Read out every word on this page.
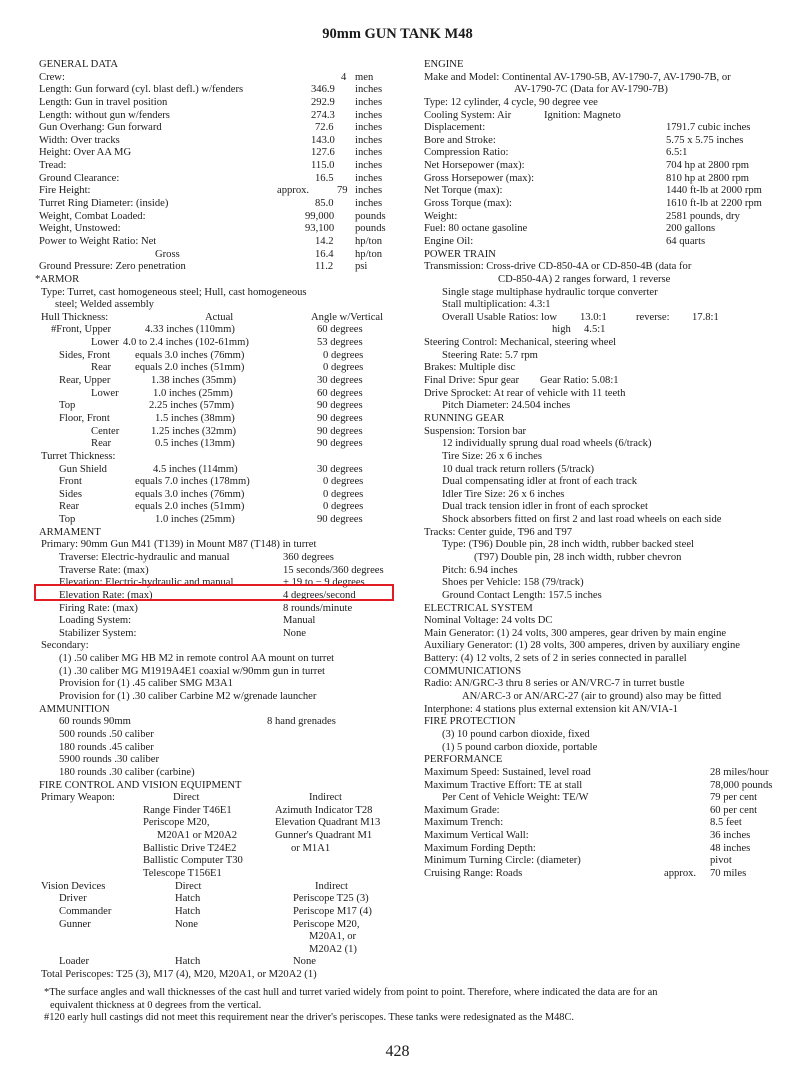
90mm GUN TANK M48
GENERAL DATA
Crew:	4 men
Length: Gun forward (cyl. blast defl.) w/fenders	346.9 inches
Length: Gun in travel position	292.9 inches
Length: without gun w/fenders	274.3 inches
Gun Overhang: Gun forward	72.6 inches
Width: Over tracks	143.0 inches
Height: Over AA MG	127.6 inches
Tread:	115.0 inches
Ground Clearance:	16.5 inches
Fire Height:	approx.	79 inches
Turret Ring Diameter: (inside)	85.0 inches
Weight, Combat Loaded:	99,000 pounds
Weight, Unstowed:	93,100 pounds
Power to Weight Ratio: Net	14.2 hp/ton
Gross	16.4 hp/ton
Ground Pressure: Zero penetration	11.2 psi
*ARMOR
Type: Turret, cast homogeneous steel; Hull, cast homogeneous
steel; Welded assembly
Hull Thickness:	Actual	Angle w/Vertical
#Front, Upper	4.33 inches (110mm)	60 degrees
Lower 4.0 to 2.4 inches (102-61mm)	53 degrees
Sides, Front equals 3.0 inches (76mm)	0 degrees
Rear equals 2.0 inches (51mm)	0 degrees
Rear, Upper	1.38 inches (35mm)	30 degrees
Lower	1.0 inches (25mm)	60 degrees
Top	2.25 inches (57mm)	90 degrees
Floor, Front	1.5 inches (38mm)	90 degrees
Center	1.25 inches (32mm)	90 degrees
Rear	0.5 inches (13mm)	90 degrees
Turret Thickness:
Gun Shield	4.5 inches (114mm)	30 degrees
Front	equals 7.0 inches (178mm)	0 degrees
Sides	equals 3.0 inches (76mm)	0 degrees
Rear	equals 2.0 inches (51mm)	0 degrees
Top	1.0 inches (25mm)	90 degrees
ARMAMENT
Primary: 90mm Gun M41 (T139) in Mount M87 (T148) in turret
Traverse: Electric-hydraulic and manual	360 degrees
Traverse Rate: (max)	15 seconds/360 degrees
Elevation: Electric-hydraulic and manual	+ 19 to − 9 degrees
Elevation Rate: (max)	4 degrees/second
Firing Rate: (max)	8 rounds/minute
Loading System:	Manual
Stabilizer System:	None
Secondary:
(1) .50 caliber MG HB M2 in remote control AA mount on turret
(1) .30 caliber MG M1919A4E1 coaxial w/90mm gun in turret
Provision for (1) .45 caliber SMG M3A1
Provision for (1) .30 caliber Carbine M2 w/grenade launcher
AMMUNITION
60 rounds 90mm	8 hand grenades
500 rounds .50 caliber
180 rounds .45 caliber
5900 rounds .30 caliber
180 rounds .30 caliber (carbine)
FIRE CONTROL AND VISION EQUIPMENT
Primary Weapon:	Direct	Indirect
Range Finder T46E1	Azimuth Indicator T28
Periscope M20,	Elevation Quadrant M13
M20A1 or M20A2	Gunner's Quadrant M1
Ballistic Drive T24E2	or M1A1
Ballistic Computer T30
Telescope T156E1
Vision Devices	Direct	Indirect
Driver	Hatch	Periscope T25 (3)
Commander	Hatch	Periscope M17 (4)
Gunner	None	Periscope M20,
M20A1, or
M20A2 (1)
Loader	Hatch	None
Total Periscopes: T25 (3), M17 (4), M20, M20A1, or M20A2 (1)
ENGINE
Make and Model: Continental AV-1790-5B, AV-1790-7, AV-1790-7B, or
AV-1790-7C (Data for AV-1790-7B)
Type: 12 cylinder, 4 cycle, 90 degree vee
Cooling System: Air	Ignition: Magneto
Displacement:	1791.7 cubic inches
Bore and Stroke:	5.75 x 5.75 inches
Compression Ratio:	6.5:1
Net Horsepower (max):	704 hp at 2800 rpm
Gross Horsepower (max):	810 hp at 2800 rpm
Net Torque (max):	1440 ft-lb at 2000 rpm
Gross Torque (max):	1610 ft-lb at 2200 rpm
Weight:	2581 pounds, dry
Fuel: 80 octane gasoline	200 gallons
Engine Oil:	64 quarts
POWER TRAIN
Transmission: Cross-drive CD-850-4A or CD-850-4B (data for
CD-850-4A) 2 ranges forward, 1 reverse
Single stage multiphase hydraulic torque converter
Stall multiplication: 4.3:1
Overall Usable Ratios: low 13.0:1	reverse: 17.8:1
high 4.5:1
Steering Control: Mechanical, steering wheel
Steering Rate: 5.7 rpm
Brakes: Multiple disc
Final Drive: Spur gear Gear Ratio: 5.08:1
Drive Sprocket: At rear of vehicle with 11 teeth
Pitch Diameter: 24.504 inches
RUNNING GEAR
Suspension: Torsion bar
12 individually sprung dual road wheels (6/track)
Tire Size: 26 x 6 inches
10 dual track return rollers (5/track)
Dual compensating idler at front of each track
Idler Tire Size: 26 x 6 inches
Dual track tension idler in front of each sprocket
Shock absorbers fitted on first 2 and last road wheels on each side
Tracks: Center guide, T96 and T97
Type: (T96) Double pin, 28 inch width, rubber backed steel
(T97) Double pin, 28 inch width, rubber chevron
Pitch: 6.94 inches
Shoes per Vehicle: 158 (79/track)
Ground Contact Length: 157.5 inches
ELECTRICAL SYSTEM
Nominal Voltage: 24 volts DC
Main Generator: (1) 24 volts, 300 amperes, gear driven by main engine
Auxiliary Generator: (1) 28 volts, 300 amperes, driven by auxiliary engine
Battery: (4) 12 volts, 2 sets of 2 in series connected in parallel
COMMUNICATIONS
Radio: AN/GRC-3 thru 8 series or AN/VRC-7 in turret bustle
AN/ARC-3 or AN/ARC-27 (air to ground) also may be fitted
Interphone: 4 stations plus external extension kit AN/VIA-1
FIRE PROTECTION
(3) 10 pound carbon dioxide, fixed
(1) 5 pound carbon dioxide, portable
PERFORMANCE
Maximum Speed: Sustained, level road	28 miles/hour
Maximum Tractive Effort: TE at stall	78,000 pounds
Per Cent of Vehicle Weight: TE/W	79 per cent
Maximum Grade:	60 per cent
Maximum Trench:	8.5 feet
Maximum Vertical Wall:	36 inches
Maximum Fording Depth:	48 inches
Minimum Turning Circle: (diameter)	pivot
Cruising Range: Roads	approx. 70 miles
*The surface angles and wall thicknesses of the cast hull and turret varied widely from point to point. Therefore, where indicated the data are for an
equivalent thickness at 0 degrees from the vertical.
#120 early hull castings did not meet this requirement near the driver's periscopes. These tanks were redesignated as the M48C.
428
